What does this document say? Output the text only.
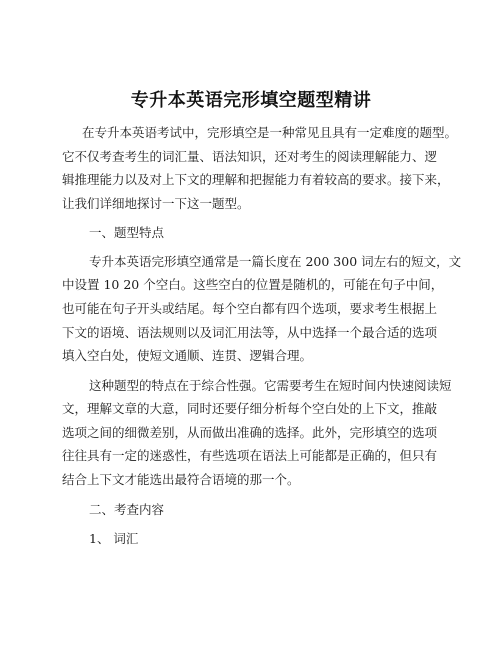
专升本英语完形填空题型精讲
在专升本英语考试中，完形填空是一种常见且具有一定难度的题型。
它不仅考查考生的词汇量、语法知识，还对考生的阅读理解能力、逻
辑推理能力以及对上下文的理解和把握能力有着较高的要求。接下来，
让我们详细地探讨一下这一题型。
一、题型特点
专升本英语完形填空通常是一篇长度在 200 300 词左右的短文，文
中设置 10 20 个空白。这些空白的位置是随机的，可能在句子中间，
也可能在句子开头或结尾。每个空白都有四个选项，要求考生根据上
下文的语境、语法规则以及词汇用法等，从中选择一个最合适的选项
填入空白处，使短文通顺、连贯、逻辑合理。
这种题型的特点在于综合性强。它需要考生在短时间内快速阅读短
文，理解文章的大意，同时还要仔细分析每个空白处的上下文，推敲
选项之间的细微差别，从而做出准确的选择。此外，完形填空的选项
往往具有一定的迷惑性，有些选项在语法上可能都是正确的，但只有
结合上下文才能选出最符合语境的那一个。
二、考查内容
1、 词汇
